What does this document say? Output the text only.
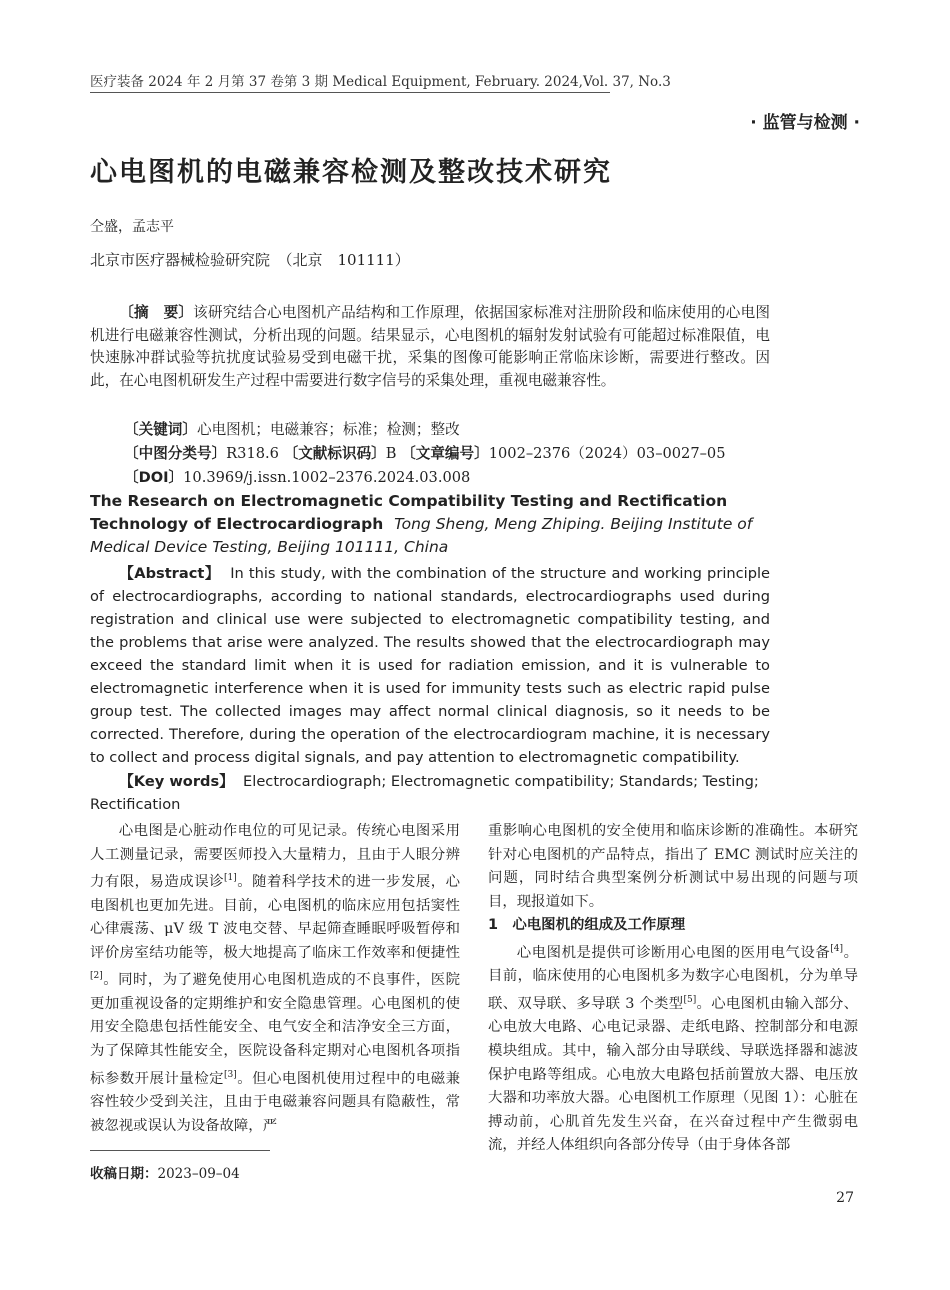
医疗装备 2024 年 2 月第 37 卷第 3 期 Medical Equipment, February. 2024,Vol. 37, No.3
· 监管与检测 ·
心电图机的电磁兼容检测及整改技术研究
仝盛，孟志平
北京市医疗器械检验研究院　（北京　101111）
〔摘　要〕该研究结合心电图机产品结构和工作原理，依据国家标准对注册阶段和临床使用的心电图机进行电磁兼容性测试，分析出现的问题。结果显示，心电图机的辐射发射试验有可能超过标准限值，电快速脉冲群试验等抗扰度试验易受到电磁干扰，采集的图像可能影响正常临床诊断，需要进行整改。因此，在心电图机研发生产过程中需要进行数字信号的采集处理，重视电磁兼容性。
〔关键词〕心电图机；电磁兼容；标准；检测；整改
〔中图分类号〕R318.6 〔文献标识码〕B 〔文章编号〕1002–2376（2024）03–0027–05
〔DOI〕10.3969/j.issn.1002–2376.2024.03.008
The Research on Electromagnetic Compatibility Testing and Rectification Technology of Electrocardiograph Tong Sheng, Meng Zhiping. Beijing Institute of Medical Device Testing, Beijing 101111, China
【Abstract】 In this study, with the combination of the structure and working principle of electrocardiographs, according to national standards, electrocardiographs used during registration and clinical use were subjected to electromagnetic compatibility testing, and the problems that arise were analyzed. The results showed that the electrocardiograph may exceed the standard limit when it is used for radiation emission, and it is vulnerable to electromagnetic interference when it is used for immunity tests such as electric rapid pulse group test. The collected images may affect normal clinical diagnosis, so it needs to be corrected. Therefore, during the operation of the electrocardiogram machine, it is necessary to collect and process digital signals, and pay attention to electromagnetic compatibility.
【Key words】 Electrocardiograph; Electromagnetic compatibility; Standards; Testing; Rectification
心电图是心脏动作电位的可见记录。传统心电图采用人工测量记录，需要医师投入大量精力，且由于人眼分辨力有限，易造成误诊[1]。随着科学技术的进一步发展，心电图机也更加先进。目前，心电图机的临床应用包括窦性心律震荡、μV 级 T 波电交替、早起筛查睡眠呼吸暂停和评价房室结功能等，极大地提高了临床工作效率和便捷性[2]。同时，为了避免使用心电图机造成的不良事件，医院更加重视设备的定期维护和安全隐患管理。心电图机的使用安全隐患包括性能安全、电气安全和洁净安全三方面，为了保障其性能安全，医院设备科定期对心电图机各项指标参数开展计量检定[3]。但心电图机使用过程中的电磁兼容性较少受到关注，且由于电磁兼容问题具有隐蔽性，常被忽视或误认为设备故障，严
重影响心电图机的安全使用和临床诊断的准确性。本研究针对心电图机的产品特点，指出了 EMC 测试时应关注的问题，同时结合典型案例分析测试中易出现的问题与项目，现报道如下。
1　心电图机的组成及工作原理
心电图机是提供可诊断用心电图的医用电气设备[4]。目前，临床使用的心电图机多为数字心电图机，分为单导联、双导联、多导联 3 个类型[5]。心电图机由输入部分、心电放大电路、心电记录器、走纸电路、控制部分和电源模块组成。其中，输入部分由导联线、导联选择器和滤波保护电路等组成。心电放大电路包括前置放大器、电压放大器和功率放大器。心电图机工作原理（见图 1）：心脏在搏动前，心肌首先发生兴奋，在兴奋过程中产生微弱电流，并经人体组织向各部分传导（由于身体各部
收稿日期：2023–09–04
27
